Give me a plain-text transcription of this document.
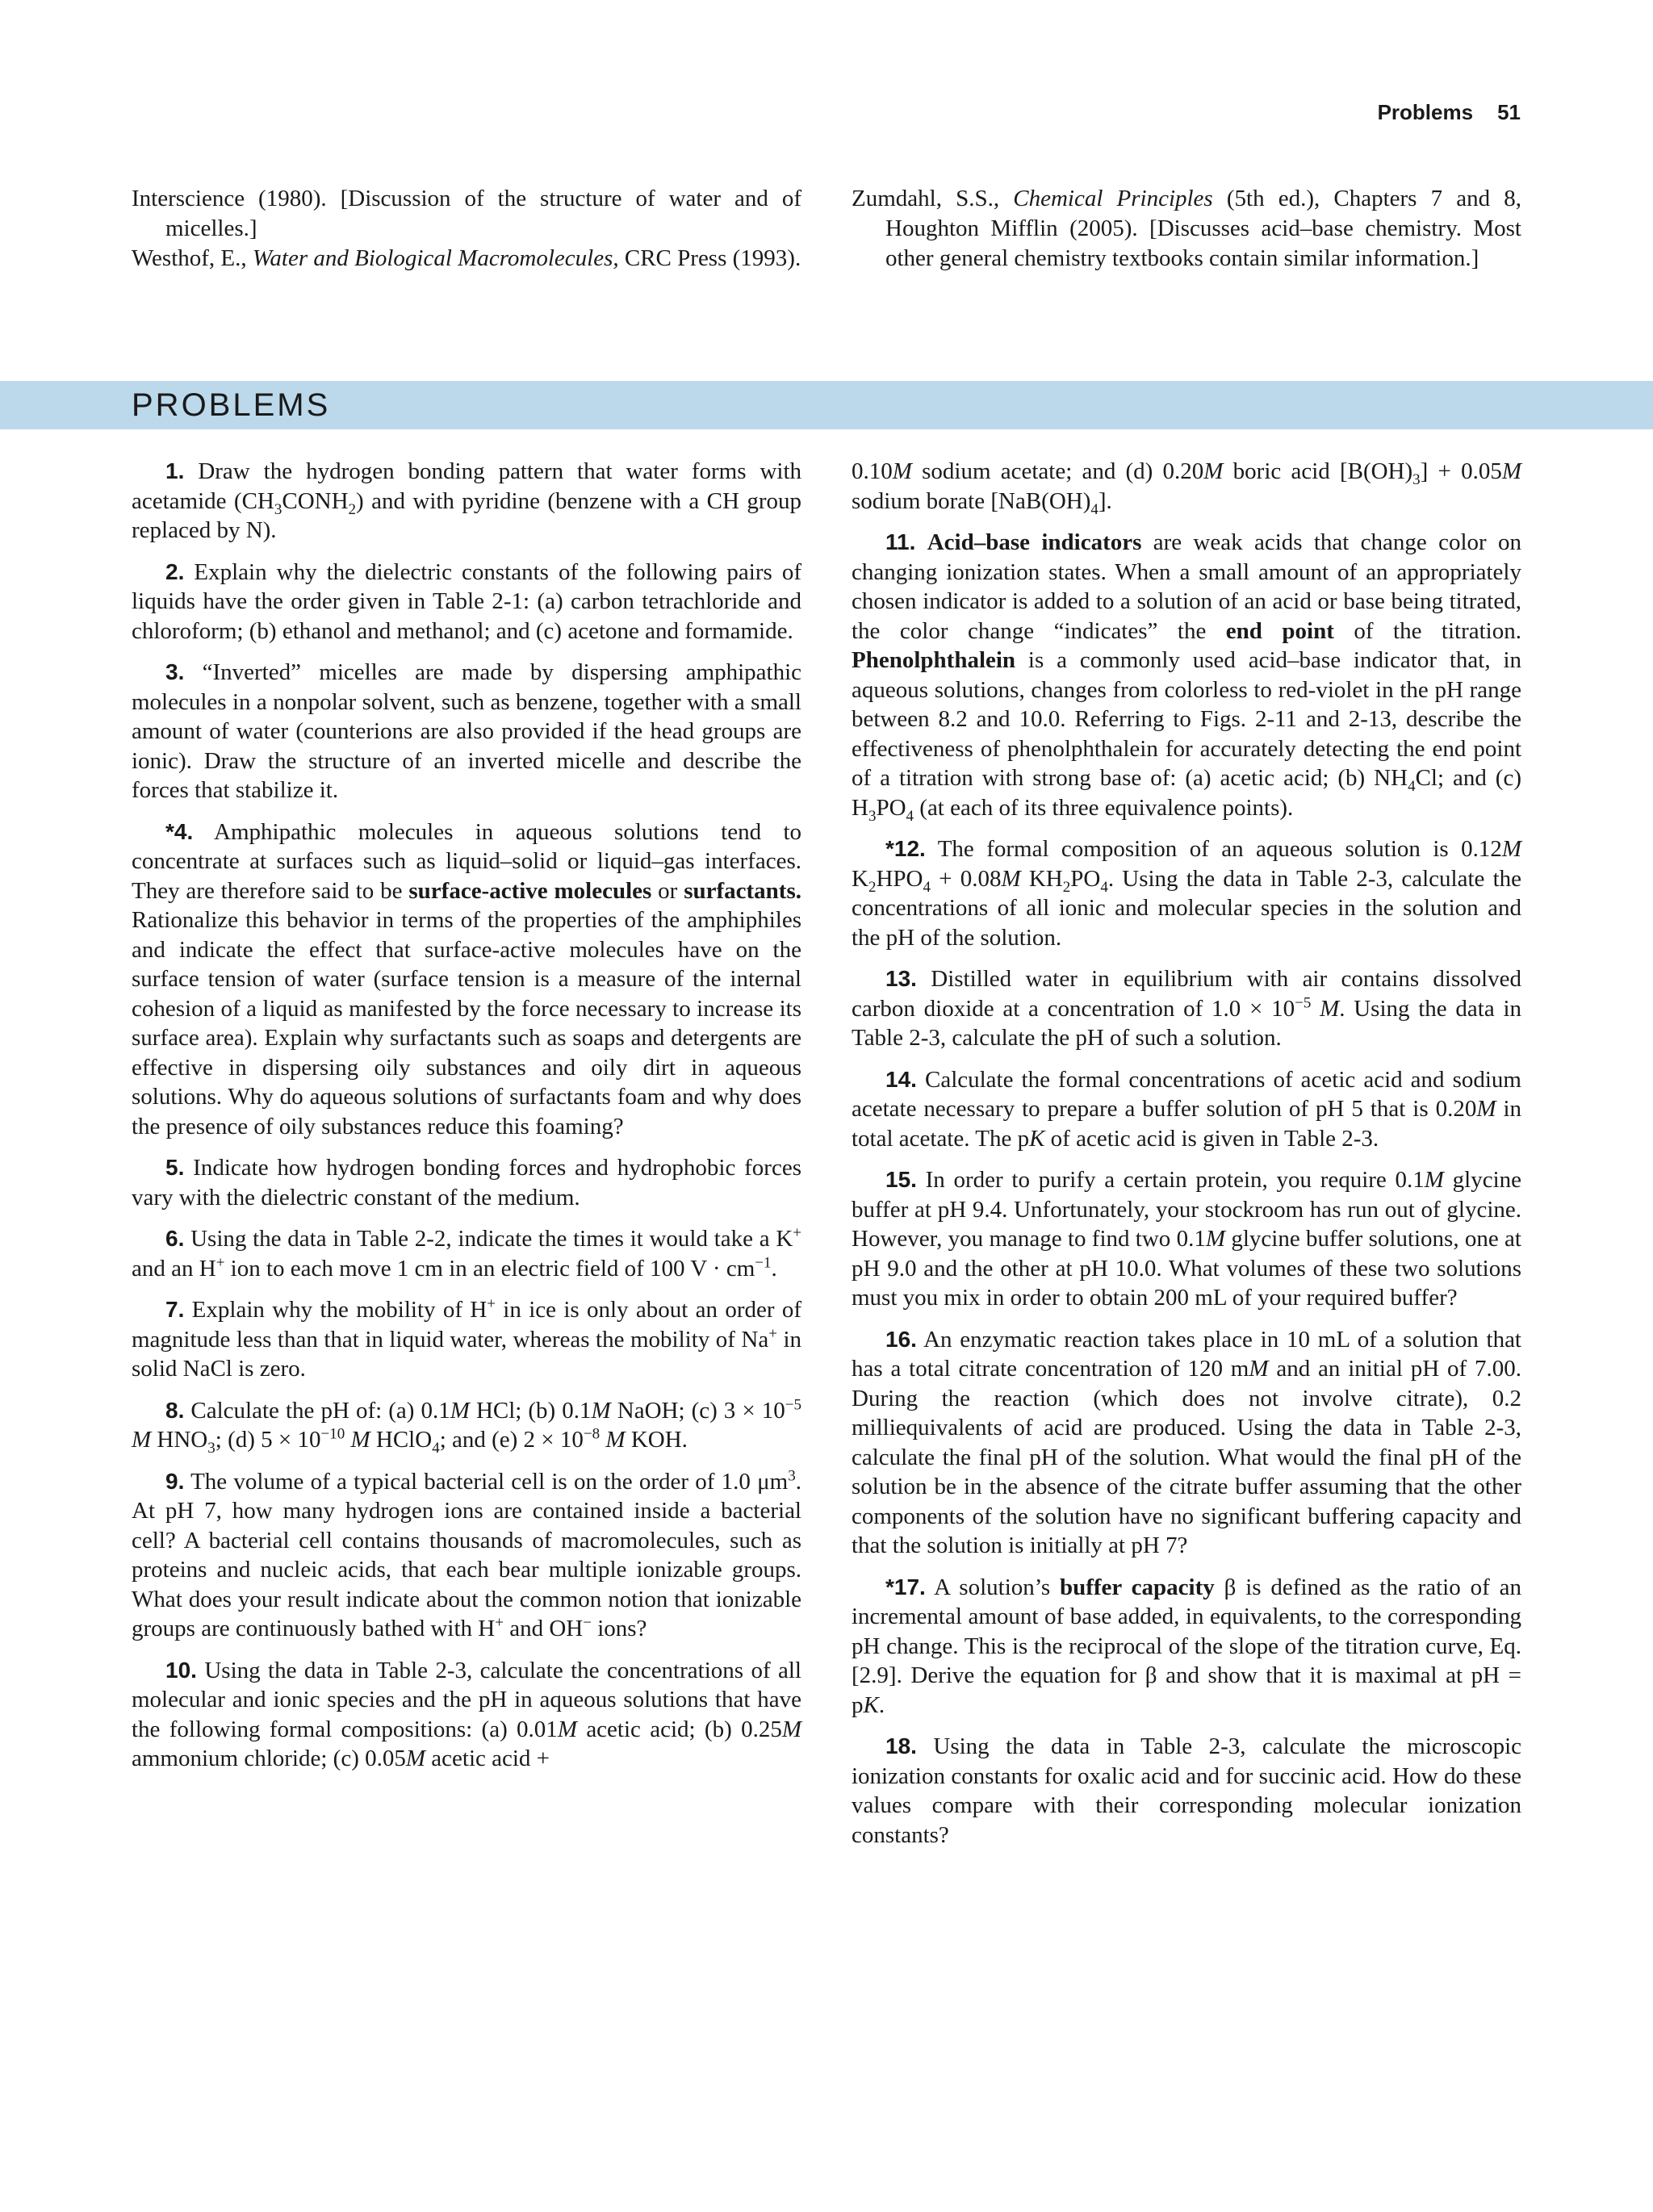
Problems 51
Interscience (1980). [Discussion of the structure of water and of micelles.]
Westhof, E., Water and Biological Macromolecules, CRC Press (1993).
Zumdahl, S.S., Chemical Principles (5th ed.), Chapters 7 and 8, Houghton Mifflin (2005). [Discusses acid–base chemistry. Most other general chemistry textbooks contain similar information.]
PROBLEMS

1. Draw the hydrogen bonding pattern that water forms with acetamide $(CH_3CONH_2)$ and with pyridine (benzene with a CH group replaced by N).

2. Explain why the dielectric constants of the following pairs of liquids have the order given in Table 2-1: (a) carbon tetrachloride and chloroform; (b) ethanol and methanol; and (c) acetone and formamide.

3. “Inverted” micelles are made by dispersing amphipathic molecules in a nonpolar solvent, such as benzene, together with a small amount of water (counterions are also provided if the head groups are ionic). Draw the structure of an inverted micelle and describe the forces that stabilize it.

*4. Amphipathic molecules in aqueous solutions tend to concentrate at surfaces such as liquid–solid or liquid–gas interfaces. They are therefore said to be surface-active molecules or surfactants. Rationalize this behavior in terms of the properties of the amphiphiles and indicate the effect that surface-active molecules have on the surface tension of water (surface tension is a measure of the internal cohesion of a liquid as manifested by the force necessary to increase its surface area). Explain why surfactants such as soaps and detergents are effective in dispersing oily substances and oily dirt in aqueous solutions. Why do aqueous solutions of surfactants foam and why does the presence of oily substances reduce this foaming?

5. Indicate how hydrogen bonding forces and hydrophobic forces vary with the dielectric constant of the medium.

6. Using the data in Table 2-2, indicate the times it would take a K+ and an H+ ion to each move 1 cm in an electric field of 100 $V \cdot cm^{-1}$.

7. Explain why the mobility of H+ in ice is only about an order of magnitude less than that in liquid water, whereas the mobility of Na+ in solid NaCl is zero.

8. Calculate the pH of: (a) 0.1M HCl; (b) 0.1M NaOH; (c) $3 \times 10^{-5}$ M $HNO_3$; (d) $5 \times 10^{-10}$ M HClO$_4$; and (e) $2 \times 10^{-8}$ M KOH.

9. The volume of a typical bacterial cell is on the order of 1.0 $\mu m^3$. At pH 7, how many hydrogen ions are contained inside a bacterial cell? A bacterial cell contains thousands of macromolecules, such as proteins and nucleic acids, that each bear multiple ionizable groups. What does your result indicate about the common notion that ionizable groups are continuously bathed with H+ and OH− ions?

10. Using the data in Table 2-3, calculate the concentrations of all molecular and ionic species and the pH in aqueous solutions that have the following formal compositions: (a) 0.01M acetic acid; (b) 0.25M ammonium chloride; (c) 0.05M acetic acid +

0.10M sodium acetate; and (d) 0.20M boric acid $[B(OH)_3] + 0.05M$ sodium borate $[NaB(OH)_4]$.

11. Acid–base indicators are weak acids that change color on changing ionization states. When a small amount of an appropriately chosen indicator is added to a solution of an acid or base being titrated, the color change “indicates” the end point of the titration. Phenolphthalein is a commonly used acid–base indicator that, in aqueous solutions, changes from colorless to red-violet in the pH range between 8.2 and 10.0. Referring to Figs. 2-11 and 2-13, describe the effectiveness of phenolphthalein for accurately detecting the end point of a titration with strong base of: (a) acetic acid; (b) $NH_4Cl$; and (c) $H_3PO_4$ (at each of its three equivalence points).

*12. The formal composition of an aqueous solution is 0.12M $K_2HPO_4 + 0.08M$ $KH_2PO_4$. Using the data in Table 2-3, calculate the concentrations of all ionic and molecular species in the solution and the pH of the solution.

13. Distilled water in equilibrium with air contains dissolved carbon dioxide at a concentration of $1.0 \times 10^{-5}$ M. Using the data in Table 2-3, calculate the pH of such a solution.

14. Calculate the formal concentrations of acetic acid and sodium acetate necessary to prepare a buffer solution of pH 5 that is 0.20M in total acetate. The pK of acetic acid is given in Table 2-3.

15. In order to purify a certain protein, you require 0.1M glycine buffer at pH 9.4. Unfortunately, your stockroom has run out of glycine. However, you manage to find two 0.1M glycine buffer solutions, one at pH 9.0 and the other at pH 10.0. What volumes of these two solutions must you mix in order to obtain 200 mL of your required buffer?

16. An enzymatic reaction takes place in 10 mL of a solution that has a total citrate concentration of 120 mM and an initial pH of 7.00. During the reaction (which does not involve citrate), 0.2 milliequivalents of acid are produced. Using the data in Table 2-3, calculate the final pH of the solution. What would the final pH of the solution be in the absence of the citrate buffer assuming that the other components of the solution have no significant buffering capacity and that the solution is initially at pH 7?

*17. A solution’s buffer capacity β is defined as the ratio of an incremental amount of base added, in equivalents, to the corresponding pH change. This is the reciprocal of the slope of the titration curve, Eq. [2.9]. Derive the equation for β and show that it is maximal at pH = pK.

18. Using the data in Table 2-3, calculate the microscopic ionization constants for oxalic acid and for succinic acid. How do these values compare with their corresponding molecular ionization constants?
